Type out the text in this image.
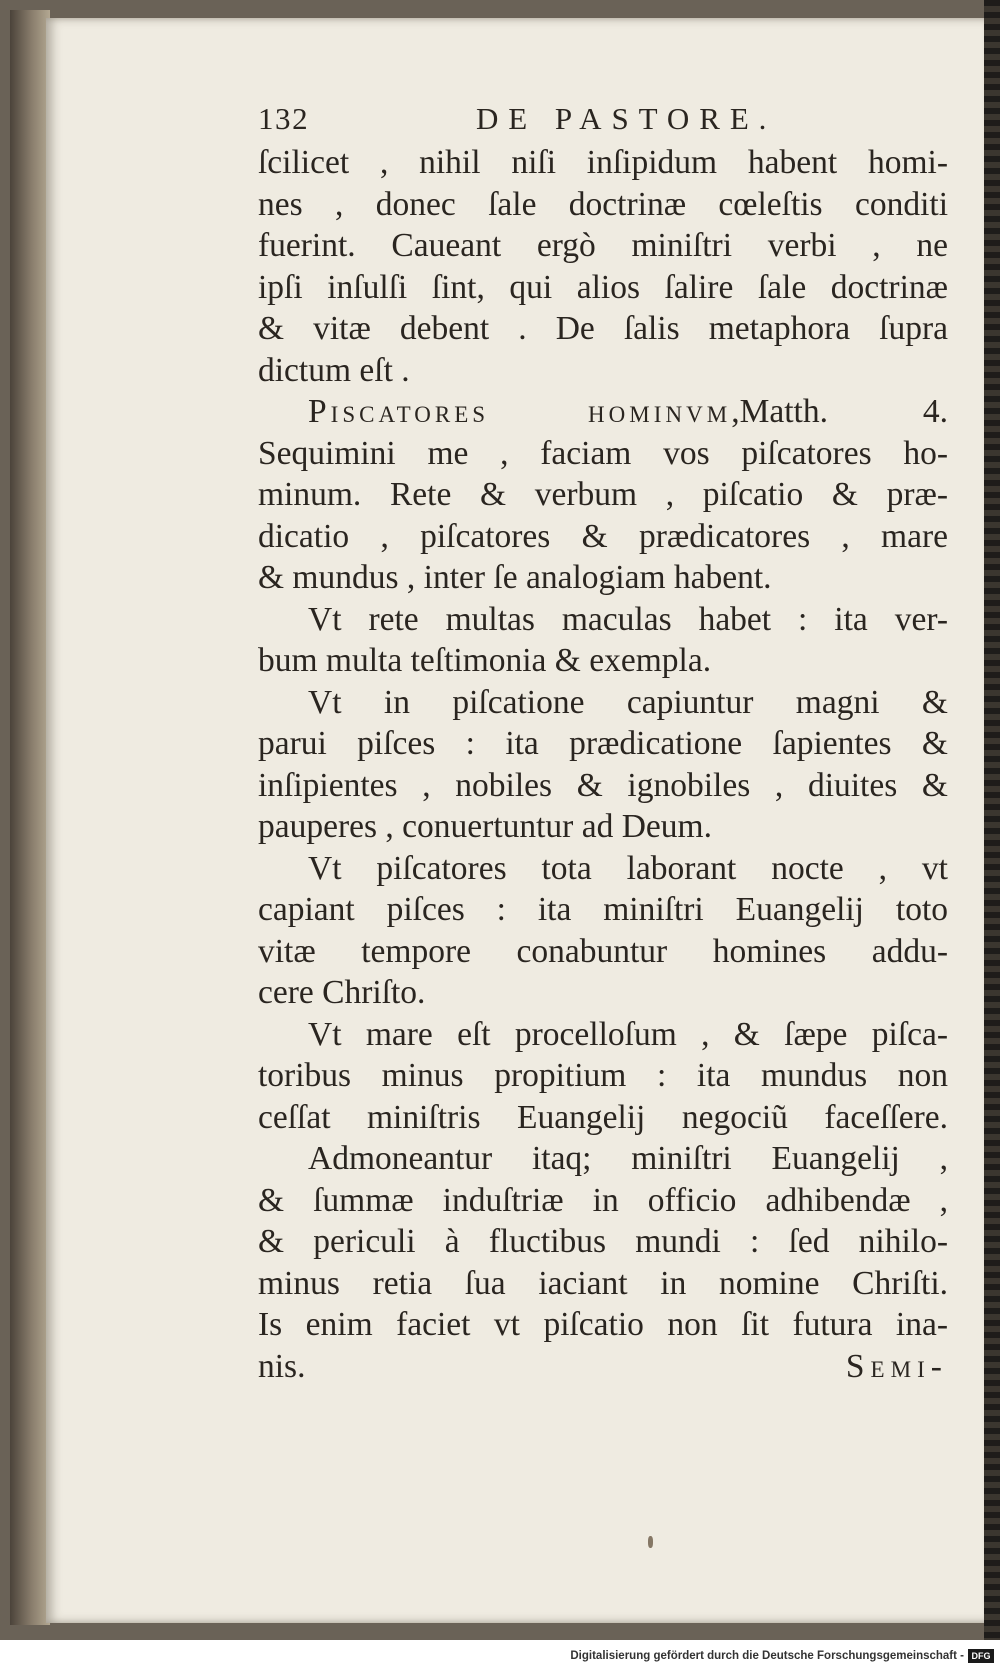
132	DE PASTORE.
ſcilicet , nihil niſi inſipidum habent homi-
nes , donec ſale doctrinæ cœleſtis conditi
fuerint. Caueant ergò miniſtri verbi , ne
ipſi inſulſi ſint, qui alios ſalire ſale doctrinæ
& vitæ debent . De ſalis metaphora ſupra
dictum eſt .
Piscatores hominvm,Matth. 4.
Sequimini me , faciam vos piſcatores ho-
minum. Rete & verbum , piſcatio & præ-
dicatio , piſcatores & prædicatores , mare
& mundus , inter ſe analogiam habent.
Vt rete multas maculas habet : ita ver-
bum multa teſtimonia & exempla.
Vt in piſcatione capiuntur magni &
parui piſces : ita prædicatione ſapientes &
inſipientes , nobiles & ignobiles , diuites &
pauperes , conuertuntur ad Deum.
Vt piſcatores tota laborant nocte , vt
capiant piſces : ita miniſtri Euangelij toto
vitæ tempore conabuntur homines addu-
cere Chriſto.
Vt mare eſt procelloſum , & ſæpe piſca-
toribus minus propitium : ita mundus non
ceſſat miniſtris Euangelij negociũ faceſſere.
Admoneantur itaq; miniſtri Euangelij ,
& ſummæ induſtriæ in officio adhibendæ ,
& periculi à fluctibus mundi : ſed nihilo-
minus retia ſua iaciant in nomine Chriſti.
Is enim faciet vt piſcatio non ſit futura ina-
nis.	Semi-
Digitalisierung gefördert durch die Deutsche Forschungsgemeinschaft - DFG
